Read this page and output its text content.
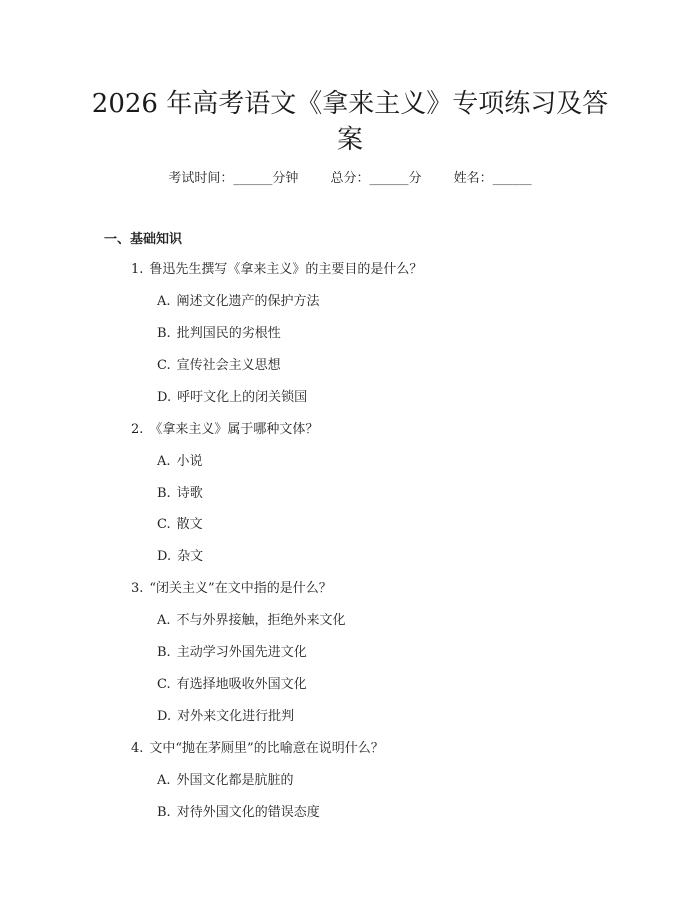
2026 年高考语文《拿来主义》专项练习及答
案
考试时间：______分钟 总分：______分 姓名：______
一、基础知识
1. 鲁迅先生撰写《拿来主义》的主要目的是什么？
A. 阐述文化遗产的保护方法
B. 批判国民的劣根性
C. 宣传社会主义思想
D. 呼吁文化上的闭关锁国
2. 《拿来主义》属于哪种文体？
A. 小说
B. 诗歌
C. 散文
D. 杂文
3. “闭关主义”在文中指的是什么？
A. 不与外界接触，拒绝外来文化
B. 主动学习外国先进文化
C. 有选择地吸收外国文化
D. 对外来文化进行批判
4. 文中“抛在茅厕里”的比喻意在说明什么？
A. 外国文化都是肮脏的
B. 对待外国文化的错误态度
